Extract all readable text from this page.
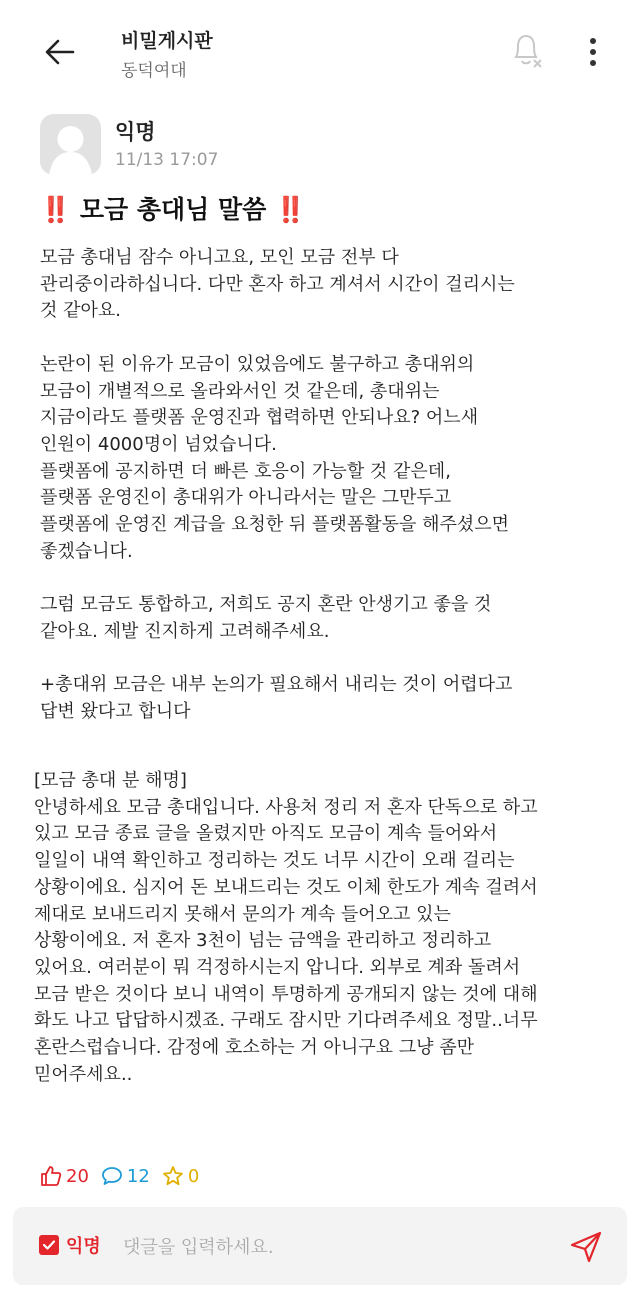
비밀게시판
동덕여대
익명
11/13 17:07
‼️ 모금 총대님 말씀 ‼️
모금 총대님 잠수 아니고요, 모인 모금 전부 다
관리중이라하십니다. 다만 혼자 하고 계셔서 시간이 걸리시는
것 같아요.
논란이 된 이유가 모금이 있었음에도 불구하고 총대위의
모금이 개별적으로 올라와서인 것 같은데, 총대위는
지금이라도 플랫폼 운영진과 협력하면 안되나요? 어느새
인원이 4000명이 넘었습니다.
플랫폼에 공지하면 더 빠른 호응이 가능할 것 같은데,
플랫폼 운영진이 총대위가 아니라서는 말은 그만두고
플랫폼에 운영진 계급을 요청한 뒤 플랫폼활동을 해주셨으면
좋겠습니다.
그럼 모금도 통합하고, 저희도 공지 혼란 안생기고 좋을 것
같아요. 제발 진지하게 고려해주세요.
+총대위 모금은 내부 논의가 필요해서 내리는 것이 어렵다고
답변 왔다고 합니다
[모금 총대 분 해명]
안녕하세요 모금 총대입니다. 사용처 정리 저 혼자 단독으로 하고
있고 모금 종료 글을 올렸지만 아직도 모금이 계속 들어와서
일일이 내역 확인하고 정리하는 것도 너무 시간이 오래 걸리는
상황이에요. 심지어 돈 보내드리는 것도 이체 한도가 계속 걸려서
제대로 보내드리지 못해서 문의가 계속 들어오고 있는
상황이에요. 저 혼자 3천이 넘는 금액을 관리하고 정리하고
있어요. 여러분이 뭐 걱정하시는지 압니다. 외부로 계좌 돌려서
모금 받은 것이다 보니 내역이 투명하게 공개되지 않는 것에 대해
화도 나고 답답하시겠죠. 구래도 잠시만 기다려주세요 정말..너무
혼란스럽습니다. 감정에 호소하는 거 아니구요 그냥 좀만
믿어주세요..
20 12 0
익명
댓글을 입력하세요.
